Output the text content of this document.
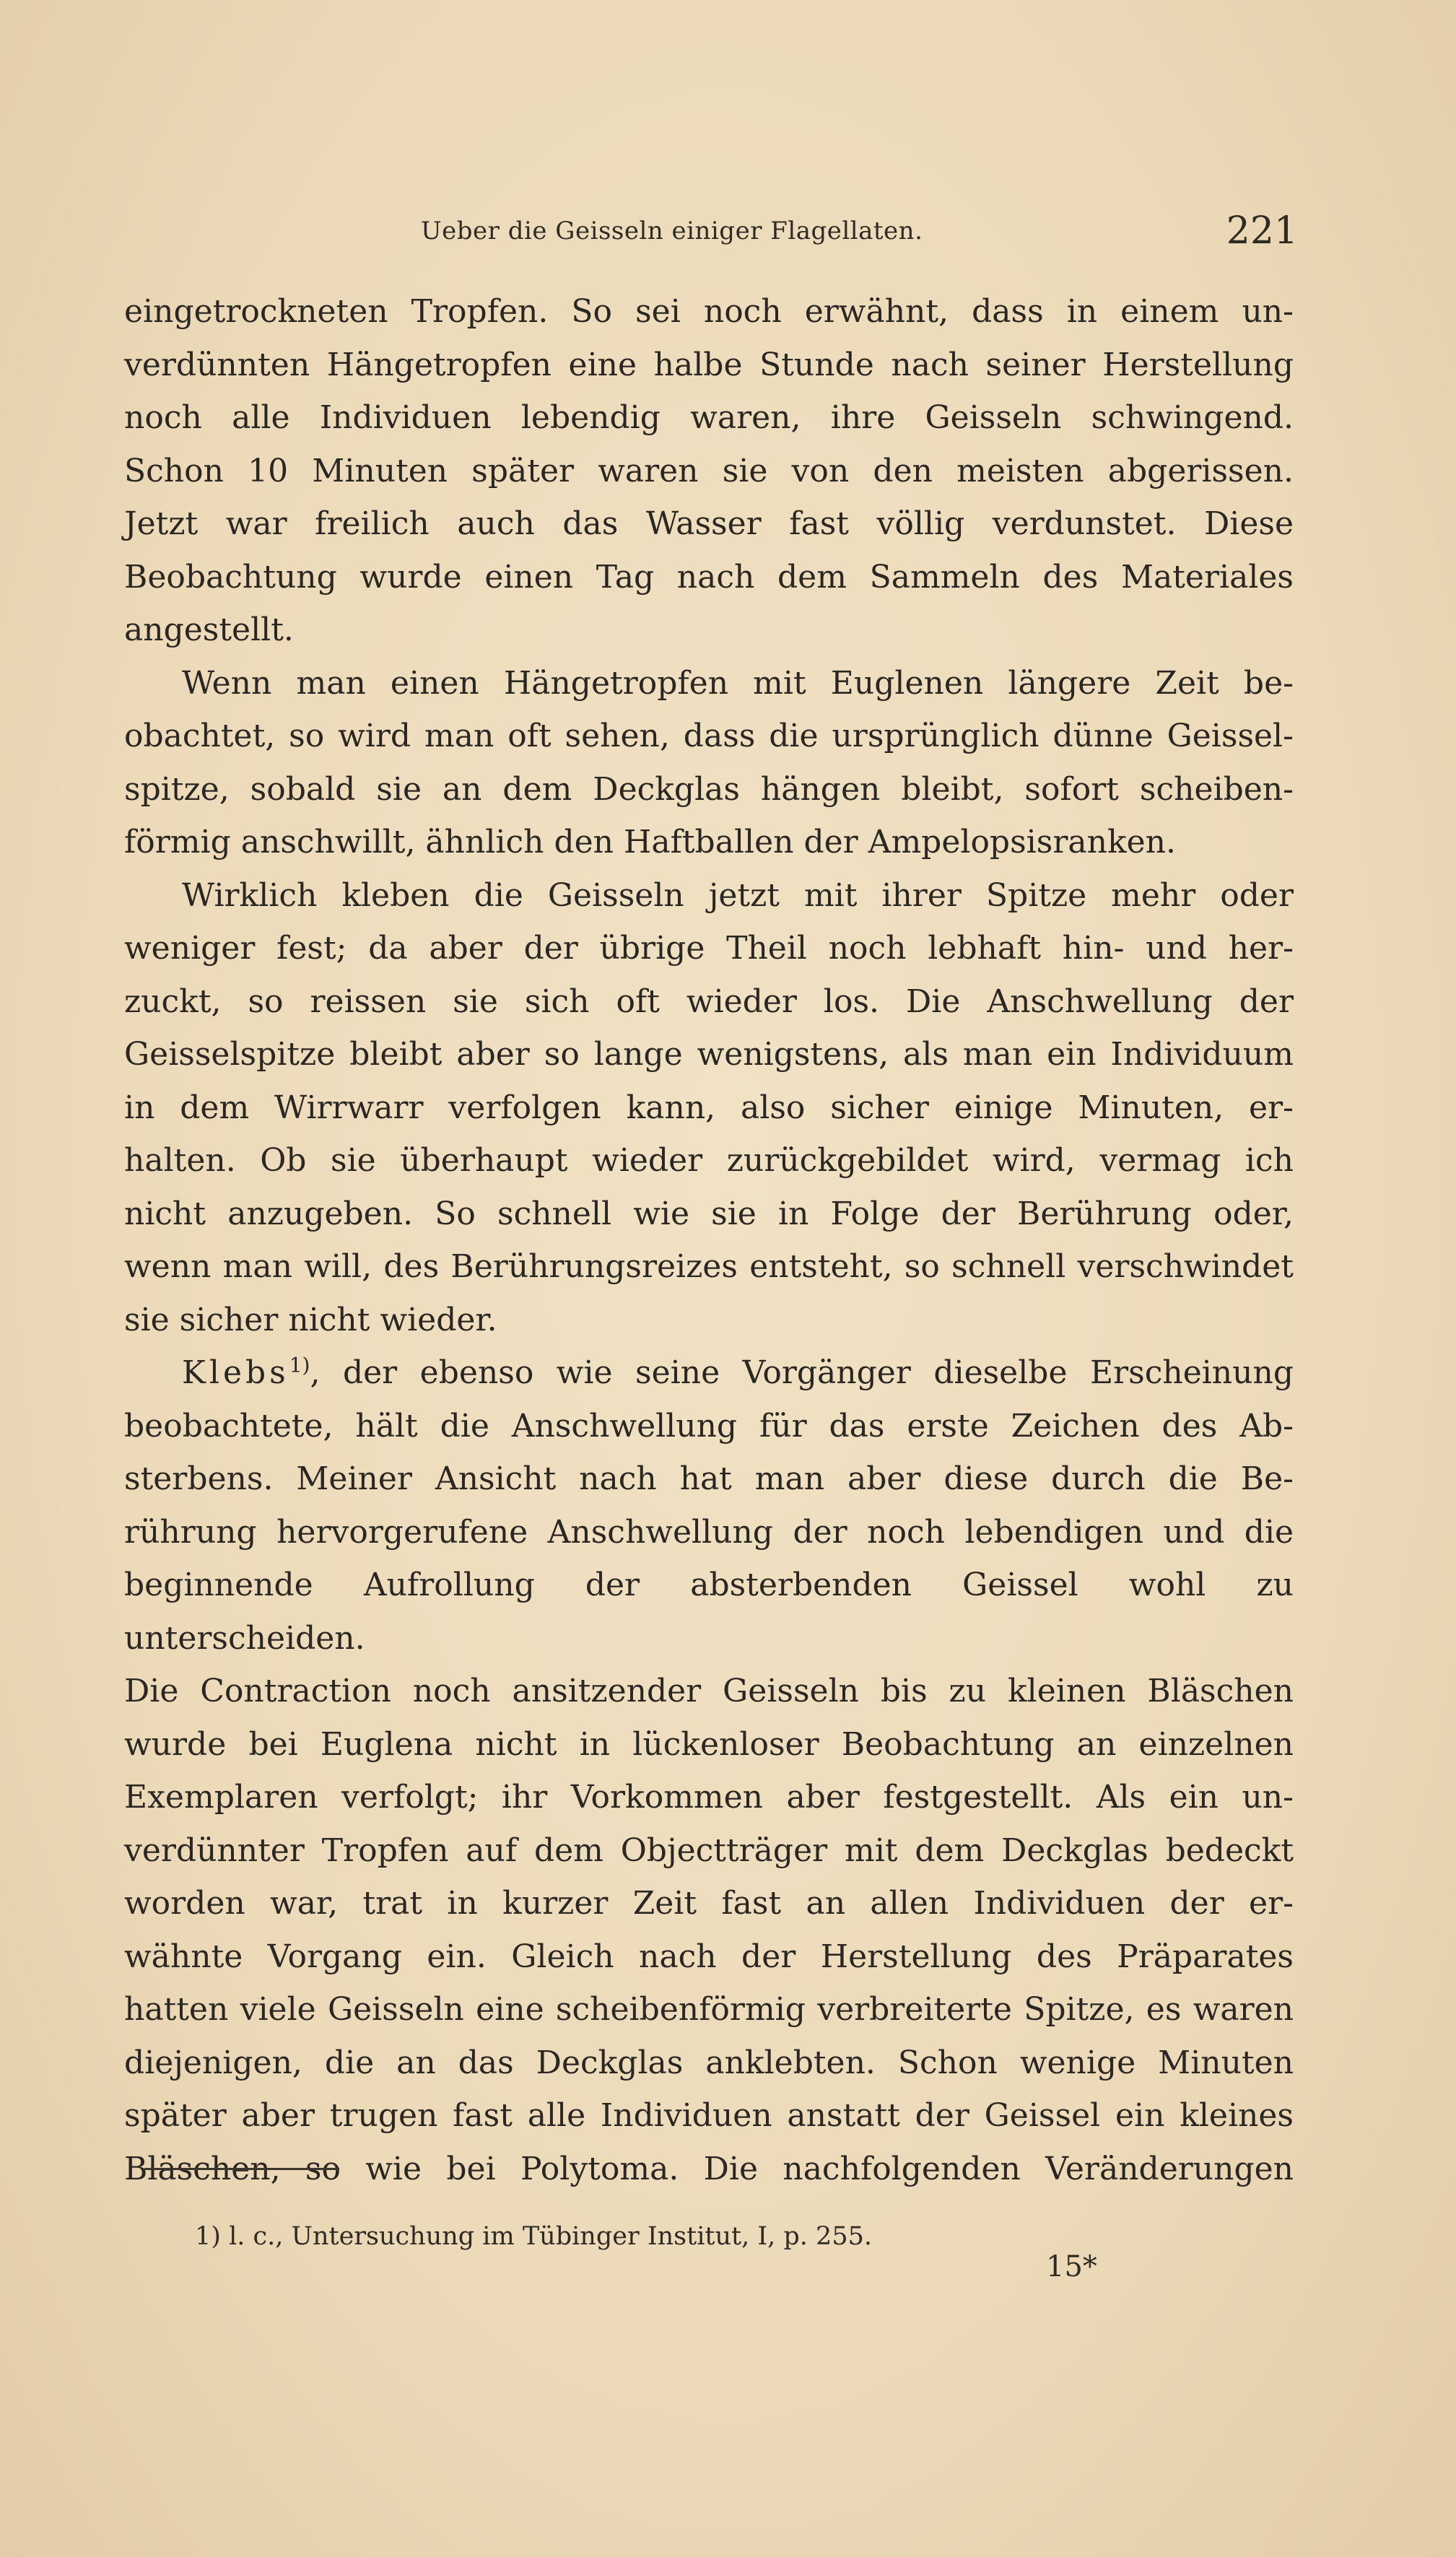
Ueber die Geisseln einiger Flagellaten.	221

eingetrockneten Tropfen. So sei noch erwähnt, dass in einem un-

verdünnten Hängetropfen eine halbe Stunde nach seiner Herstellung

noch alle Individuen lebendig waren, ihre Geisseln schwingend.

Schon 10 Minuten später waren sie von den meisten abgerissen.

Jetzt war freilich auch das Wasser fast völlig verdunstet. Diese

Beobachtung wurde einen Tag nach dem Sammeln des Materiales

angestellt.

Wenn man einen Hängetropfen mit Euglenen längere Zeit be-

obachtet, so wird man oft sehen, dass die ursprünglich dünne Geissel-

spitze, sobald sie an dem Deckglas hängen bleibt, sofort scheiben-

förmig anschwillt, ähnlich den Haftballen der Ampelopsisranken.

Wirklich kleben die Geisseln jetzt mit ihrer Spitze mehr oder

weniger fest; da aber der übrige Theil noch lebhaft hin- und her-

zuckt, so reissen sie sich oft wieder los. Die Anschwellung der

Geisselspitze bleibt aber so lange wenigstens, als man ein Individuum

in dem Wirrwarr verfolgen kann, also sicher einige Minuten, er-

halten. Ob sie überhaupt wieder zurückgebildet wird, vermag ich

nicht anzugeben. So schnell wie sie in Folge der Berührung oder,

wenn man will, des Berührungsreizes entsteht, so schnell verschwindet

sie sicher nicht wieder.

Klebs$^{1)}$, der ebenso wie seine Vorgänger dieselbe Erscheinung

beobachtete, hält die Anschwellung für das erste Zeichen des Ab-

sterbens. Meiner Ansicht nach hat man aber diese durch die Be-

rührung hervorgerufene Anschwellung der noch lebendigen und die

beginnende Aufrollung der absterbenden Geissel wohl zu unterscheiden.

Die Contraction noch ansitzender Geisseln bis zu kleinen Bläschen

wurde bei Euglena nicht in lückenloser Beobachtung an einzelnen

Exemplaren verfolgt; ihr Vorkommen aber festgestellt. Als ein un-

verdünnter Tropfen auf dem Objectträger mit dem Deckglas bedeckt

worden war, trat in kurzer Zeit fast an allen Individuen der er-

wähnte Vorgang ein. Gleich nach der Herstellung des Präparates

hatten viele Geisseln eine scheibenförmig verbreiterte Spitze, es waren

diejenigen, die an das Deckglas anklebten. Schon wenige Minuten

später aber trugen fast alle Individuen anstatt der Geissel ein kleines

Bläschen, so wie bei Polytoma. Die nachfolgenden Veränderungen

1) l. c., Untersuchung im Tübinger Institut, I, p. 255.
15*
